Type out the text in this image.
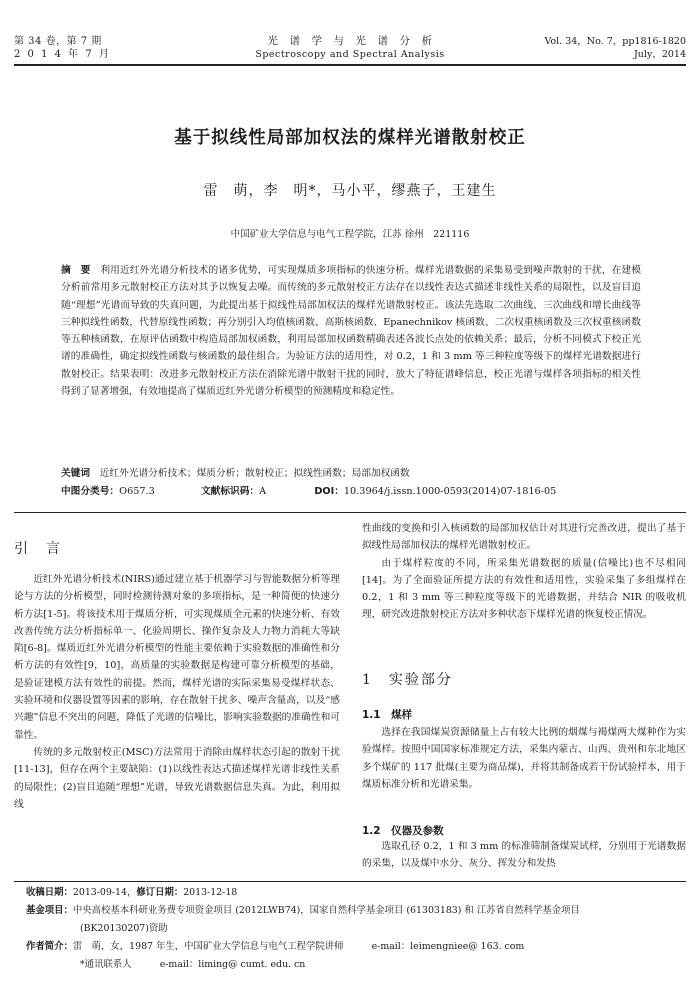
第 34 卷，第 7 期
2 0 1 4 年 7 月
光　谱　学　与　光　谱　分　析
Spectroscopy and Spectral Analysis
Vol. 34，No. 7，pp1816-1820
July，2014
基于拟线性局部加权法的煤样光谱散射校正
雷　萌，李　明*，马小平，缪燕子，王建生
中国矿业大学信息与电气工程学院，江苏 徐州　221116
摘　要　 利用近红外光谱分析技术的诸多优势，可实现煤质多项指标的快速分析。煤样光谱数据的采集易受到噪声散射的干扰，在建模分析前常用多元散射校正方法对其予以恢复去噪。而传统的多元散射校正方法存在以线性表达式描述非线性关系的局限性，以及盲目追随“理想”光谱而导致的失真问题，为此提出基于拟线性局部加权法的煤样光谱散射校正。该法先选取二次曲线、三次曲线和增长曲线等三种拟线性函数，代替原线性函数；再分别引入均值核函数、高斯核函数、Epanechnikov 核函数、二次权重核函数及三次权重核函数等五种核函数，在原评估函数中构造局部加权函数，利用局部加权函数精确表述各波长点处的依赖关系；最后，分析不同模式下校正光谱的准确性，确定拟线性函数与核函数的最佳组合。为验证方法的适用性，对 0.2，1 和 3 mm 等三种粒度等级下的煤样光谱数据进行散射校正。结果表明：改进多元散射校正方法在消除光谱中散射干扰的同时，放大了特征谱峰信息，校正光谱与煤样各项指标的相关性得到了显著增强，有效地提高了煤质近红外光谱分析模型的预测精度和稳定性。
关键词　 近红外光谱分析技术；煤质分析；散射校正；拟线性函数；局部加权函数
中图分类号：O657.3	文献标识码：A	DOI：10.3964/j.issn.1000-0593(2014)07-1816-05
引　言

近红外光谱分析技术(NIRS)通过建立基于机器学习与智能数据分析等理论与方法的分析模型，同时检测待测对象的多项指标，是一种简便的快速分析方法[1-5]。将该技术用于煤质分析，可实现煤质全元素的快速分析、有效改善传统方法分析指标单一、化验周期长、操作复杂及人力物力消耗大等缺陷[6-8]。煤质近红外光谱分析模型的性能主要依赖于实验数据的准确性和分析方法的有效性[9，10]，高质量的实验数据是构建可靠分析模型的基础，是验证建模方法有效性的前提。然而，煤样光谱的实际采集易受煤样状态、实验环境和仪器设置等因素的影响，存在散射干扰多、噪声含量高，以及“感兴趣”信息不突出的问题，降低了光谱的信噪比，影响实验数据的准确性和可靠性。

传统的多元散射校正(MSC)方法常用于消除由煤样状态引起的散射干扰[11-13]，但存在两个主要缺陷：(1)以线性表达式描述煤样光谱非线性关系的局限性；(2)盲目追随“理想”光谱，导致光谱数据信息失真。为此，利用拟线

性曲线的变换和引入核函数的局部加权估计对其进行完善改进，提出了基于拟线性局部加权法的煤样光谱散射校正。

由于煤样粒度的不同，所采集光谱数据的质量(信噪比)也不尽相同[14]。为了全面验证所提方法的有效性和适用性，实验采集了多组煤样在 0.2，1 和 3 mm 等三种粒度等级下的光谱数据，并结合 NIR 的吸收机理，研究改进散射校正方法对多种状态下煤样光谱的恢复校正情况。

1　实验部分
1.1　煤样

选择在我国煤炭资源储量上占有较大比例的烟煤与褐煤两大煤种作为实验煤样。按照中国国家标准规定方法，采集内蒙古、山西、贵州和东北地区多个煤矿的 117 批煤(主要为商品煤)，并将其制备成若干份试验样本，用于煤质标准分析和光谱采集。

1.2　仪器及参数

选取孔径 0.2，1 和 3 mm 的标准筛制备煤炭试样，分别用于光谱数据的采集，以及煤中水分、灰分、挥发分和发热

收稿日期：2013-09-14，修订日期：2013-12-18
基金项目：中央高校基本科研业务费专项资金项目 (2012LWB74)，国家自然科学基金项目 (61303183) 和 江苏省自然科学基金项目
(BK20130207)资助
作者简介：雷　萌，女，1987 年生，中国矿业大学信息与电气工程学院讲师　　　e-mail：leimengniee@ 163. com
*通讯联系人　　　e-mail：liming@ cumt. edu. cn
